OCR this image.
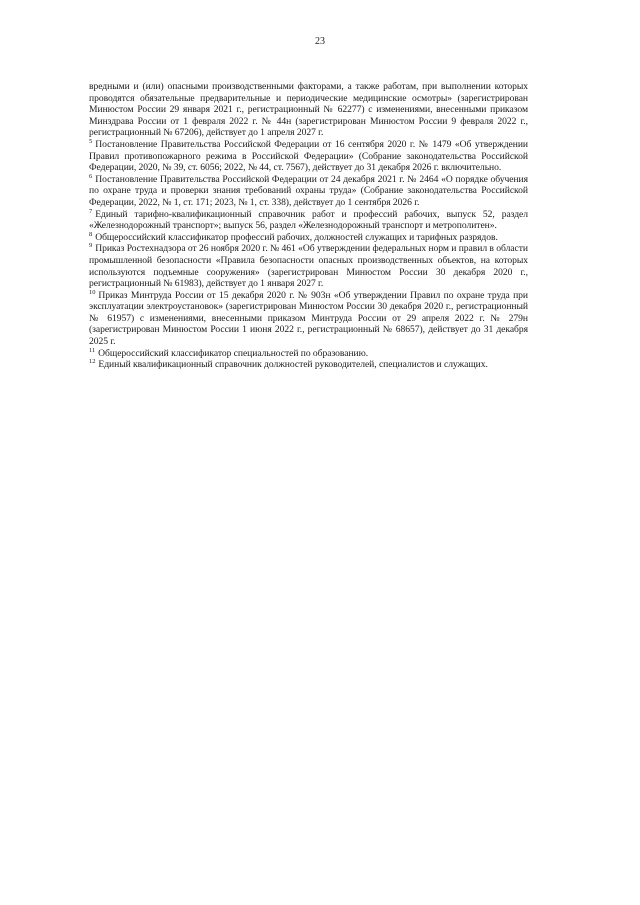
23

вредными и (или) опасными производственными факторами, а также работам, при выполнении которых проводятся обязательные предварительные и периодические медицинские осмотры» (зарегистрирован Минюстом России 29 января 2021 г., регистрационный № 62277) с изменениями, внесенными приказом Минздрава России от 1 февраля 2022 г. № 44н (зарегистрирован Минюстом России 9 февраля 2022 г., регистрационный № 67206), действует до 1 апреля 2027 г.

$^5$ Постановление Правительства Российской Федерации от 16 сентября 2020 г. № 1479 «Об утверждении Правил противопожарного режима в Российской Федерации» (Собрание законодательства Российской Федерации, 2020, № 39, ст. 6056; 2022, № 44, ст. 7567), действует до 31 декабря 2026 г. включительно.

$^6$ Постановление Правительства Российской Федерации от 24 декабря 2021 г. № 2464 «О порядке обучения по охране труда и проверки знания требований охраны труда» (Собрание законодательства Российской Федерации, 2022, № 1, ст. 171; 2023, № 1, ст. 338), действует до 1 сентября 2026 г.

$^7$ Единый тарифно-квалификационный справочник работ и профессий рабочих, выпуск 52, раздел «Железнодорожный транспорт»; выпуск 56, раздел «Железнодорожный транспорт и метрополитен».

$^8$ Общероссийский классификатор профессий рабочих, должностей служащих и тарифных разрядов.

$^9$ Приказ Ростехнадзора от 26 ноября 2020 г. № 461 «Об утверждении федеральных норм и правил в области промышленной безопасности «Правила безопасности опасных производственных объектов, на которых используются подъемные сооружения» (зарегистрирован Минюстом России 30 декабря 2020 г., регистрационный № 61983), действует до 1 января 2027 г.

$^{10}$ Приказ Минтруда России от 15 декабря 2020 г. № 903н «Об утверждении Правил по охране труда при эксплуатации электроустановок» (зарегистрирован Минюстом России 30 декабря 2020 г., регистрационный № 61957) с изменениями, внесенными приказом Минтруда России от 29 апреля 2022 г. № 279н (зарегистрирован Минюстом России 1 июня 2022 г., регистрационный № 68657), действует до 31 декабря 2025 г.

$^{11}$ Общероссийский классификатор специальностей по образованию.

$^{12}$ Единый квалификационный справочник должностей руководителей, специалистов и служащих.
